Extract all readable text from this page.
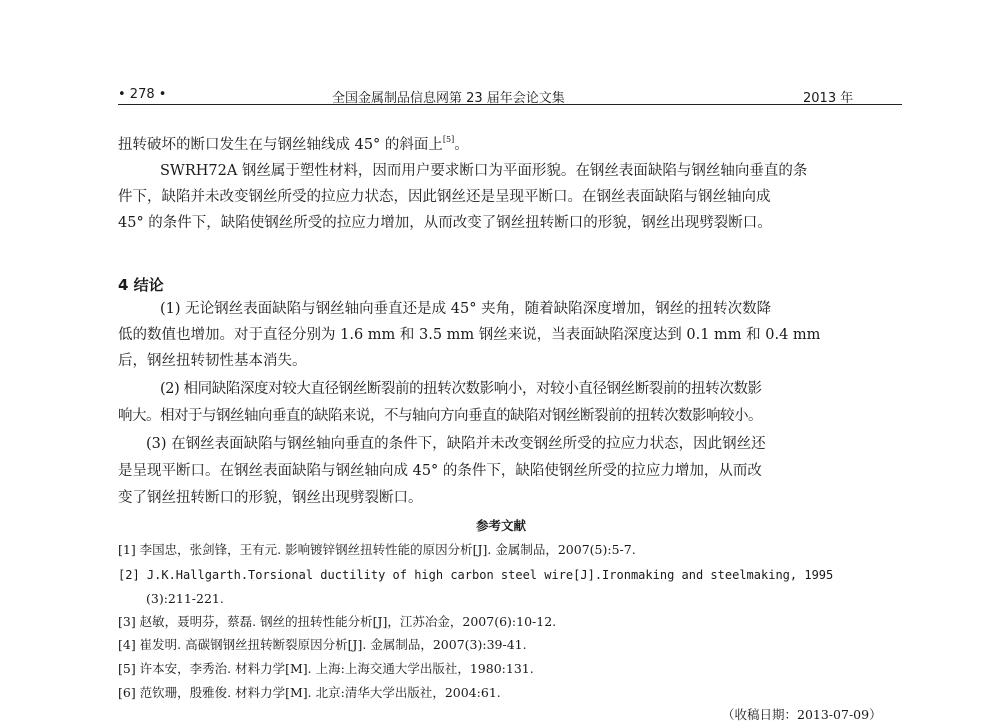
• 278 •	全国金属制品信息网第 23 届年会论文集	2013 年
扭转破坏的断口发生在与钢丝轴线成 45° 的斜面上[5]。
SWRH72A 钢丝属于塑性材料，因而用户要求断口为平面形貌。在钢丝表面缺陷与钢丝轴向垂直的条
件下，缺陷并未改变钢丝所受的拉应力状态，因此钢丝还是呈现平断口。在钢丝表面缺陷与钢丝轴向成
45° 的条件下，缺陷使钢丝所受的拉应力增加，从而改变了钢丝扭转断口的形貌，钢丝出现劈裂断口。
4 结论
(1) 无论钢丝表面缺陷与钢丝轴向垂直还是成 45° 夹角，随着缺陷深度增加，钢丝的扭转次数降
低的数值也增加。对于直径分别为 1.6 mm 和 3.5 mm 钢丝来说，当表面缺陷深度达到 0.1 mm 和 0.4 mm
后，钢丝扭转韧性基本消失。
(2) 相同缺陷深度对较大直径钢丝断裂前的扭转次数影响小，对较小直径钢丝断裂前的扭转次数影
响大。相对于与钢丝轴向垂直的缺陷来说，不与轴向方向垂直的缺陷对钢丝断裂前的扭转次数影响较小。
(3) 在钢丝表面缺陷与钢丝轴向垂直的条件下，缺陷并未改变钢丝所受的拉应力状态，因此钢丝还
是呈现平断口。在钢丝表面缺陷与钢丝轴向成 45° 的条件下，缺陷使钢丝所受的拉应力增加，从而改
变了钢丝扭转断口的形貌，钢丝出现劈裂断口。
参考文献
[1] 李国忠，张剑锋，王有元. 影响镀锌钢丝扭转性能的原因分析[J]. 金属制品，2007(5):5-7.
[2] J.K.Hallgarth.Torsional ductility of high carbon steel wire[J].Ironmaking and steelmaking, 1995
(3):211-221.
[3] 赵敏，聂明芬，蔡磊. 钢丝的扭转性能分析[J]，江苏冶金，2007(6):10-12.
[4] 崔发明. 高碳钢钢丝扭转断裂原因分析[J]. 金属制品，2007(3):39-41.
[5] 许本安，李秀治. 材料力学[M]. 上海:上海交通大学出版社，1980:131.
[6] 范钦珊，殷雅俊. 材料力学[M]. 北京:清华大学出版社，2004:61.
（收稿日期：2013-07-09）
